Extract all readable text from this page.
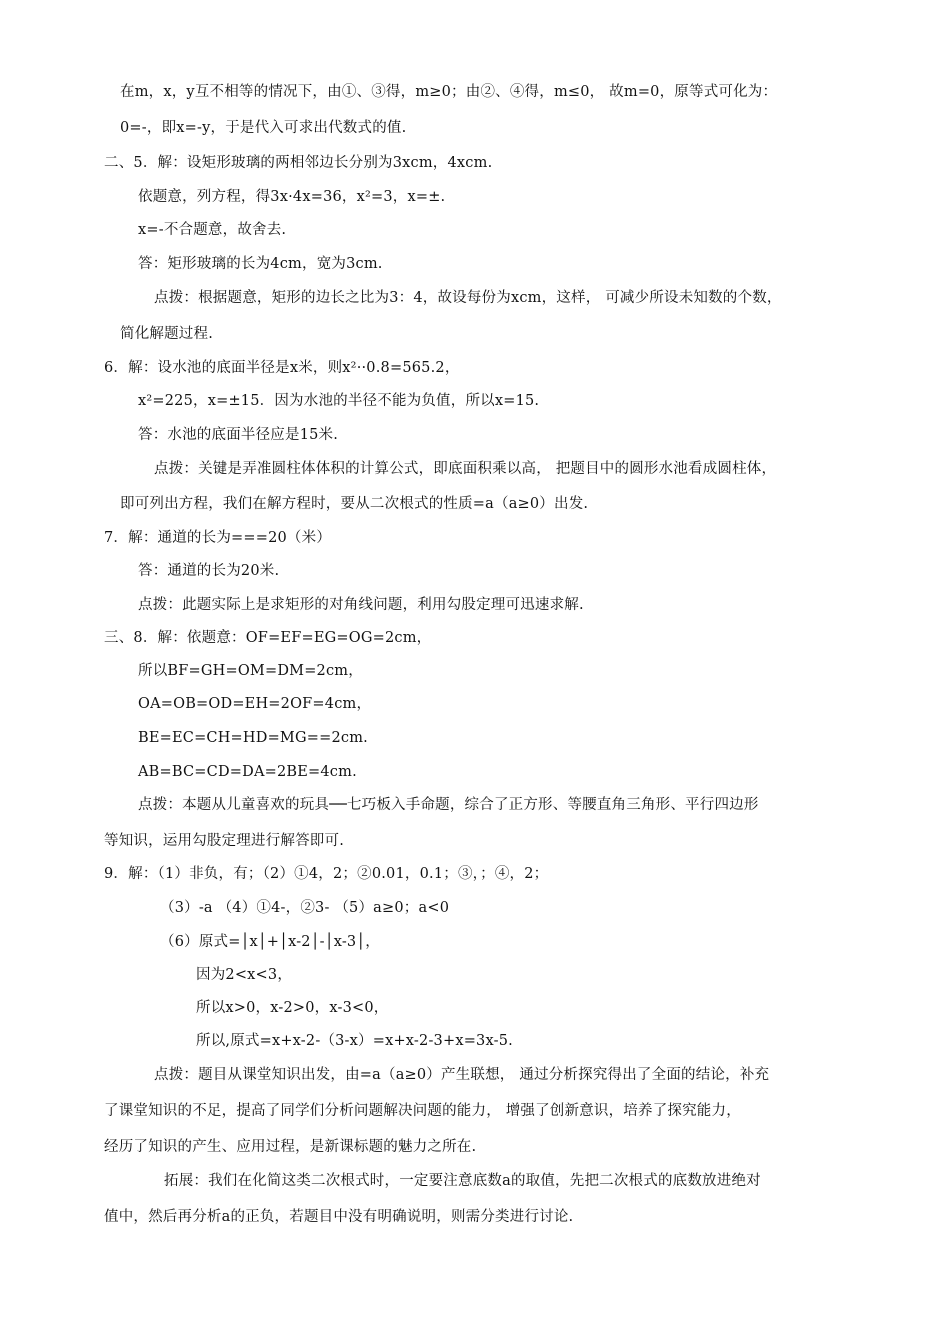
在m，x，y互不相等的情况下，由①、③得，m≥0；由②、④得，m≤0， 故m=0，原等式可化为：
0=-，即x=-y，于是代入可求出代数式的值.
二、5．解：设矩形玻璃的两相邻边长分别为3xcm，4xcm.
依题意，列方程，得3x·4x=36，x²=3，x=±.
x=-不合题意，故舍去.
答：矩形玻璃的长为4cm，宽为3cm.
点拨：根据题意，矩形的边长之比为3：4，故设每份为xcm，这样， 可减少所设未知数的个数，
简化解题过程.
6．解：设水池的底面半径是x米，则x²··0.8=565.2，
x²=225，x=±15．因为水池的半径不能为负值，所以x=15.
答：水池的底面半径应是15米.
点拨：关键是弄准圆柱体体积的计算公式，即底面积乘以高， 把题目中的圆形水池看成圆柱体，
即可列出方程，我们在解方程时，要从二次根式的性质=a（a≥0）出发.
7．解：通道的长为===20（米）
答：通道的长为20米.
点拨：此题实际上是求矩形的对角线问题，利用勾股定理可迅速求解.
三、8．解：依题意：OF=EF=EG=OG=2cm，
所以BF=GH=OM=DM=2cm，
OA=OB=OD=EH=2OF=4cm，
BE=EC=CH=HD=MG==2cm.
AB=BC=CD=DA=2BE=4cm.
点拨：本题从儿童喜欢的玩具──七巧板入手命题，综合了正方形、等腰直角三角形、平行四边形
等知识，运用勾股定理进行解答即可.
9．解：（1）非负，有；（2）①4，2；②0.01，0.1；③，；④，2；
（3）-a （4）①4-，②3- （5）a≥0；a<0
（6）原式=│x│+│x-2│-│x-3│，
因为2<x<3，
所以x>0，x-2>0，x-3<0，
所以,原式=x+x-2-（3-x）=x+x-2-3+x=3x-5.
点拨：题目从课堂知识出发，由=a（a≥0）产生联想， 通过分析探究得出了全面的结论，补充
了课堂知识的不足，提高了同学们分析问题解决问题的能力， 增强了创新意识，培养了探究能力，
经历了知识的产生、应用过程，是新课标题的魅力之所在.
拓展：我们在化简这类二次根式时，一定要注意底数a的取值，先把二次根式的底数放进绝对
值中，然后再分析a的正负，若题目中没有明确说明，则需分类进行讨论.
